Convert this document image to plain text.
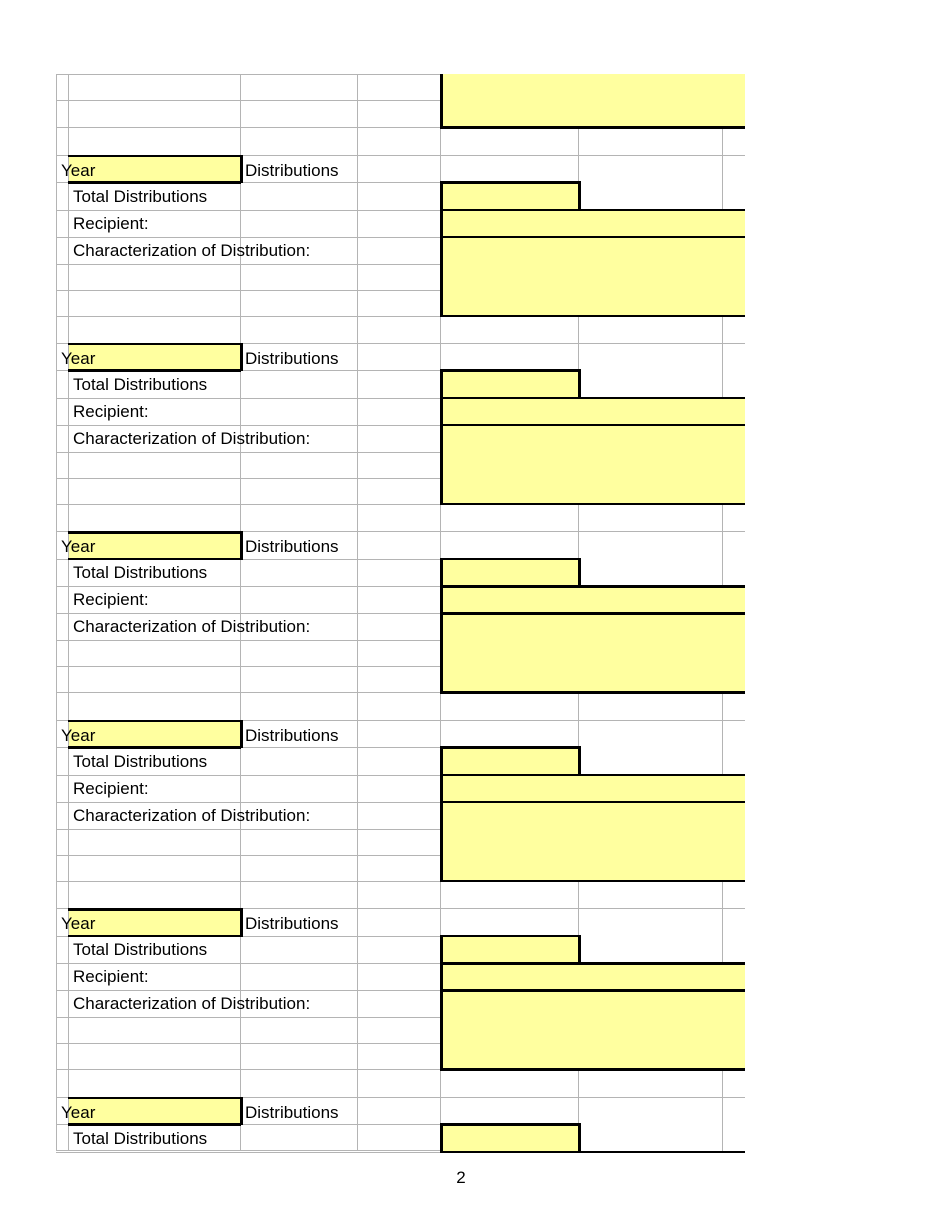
Year	Distributions
Total Distributions
Recipient:
Characterization of Distribution:
Year	Distributions
Total Distributions
Recipient:
Characterization of Distribution:
Year	Distributions
Total Distributions
Recipient:
Characterization of Distribution:
Year	Distributions
Total Distributions
Recipient:
Characterization of Distribution:
Year	Distributions
Total Distributions
Recipient:
Characterization of Distribution:
Year	Distributions
Total Distributions
2
